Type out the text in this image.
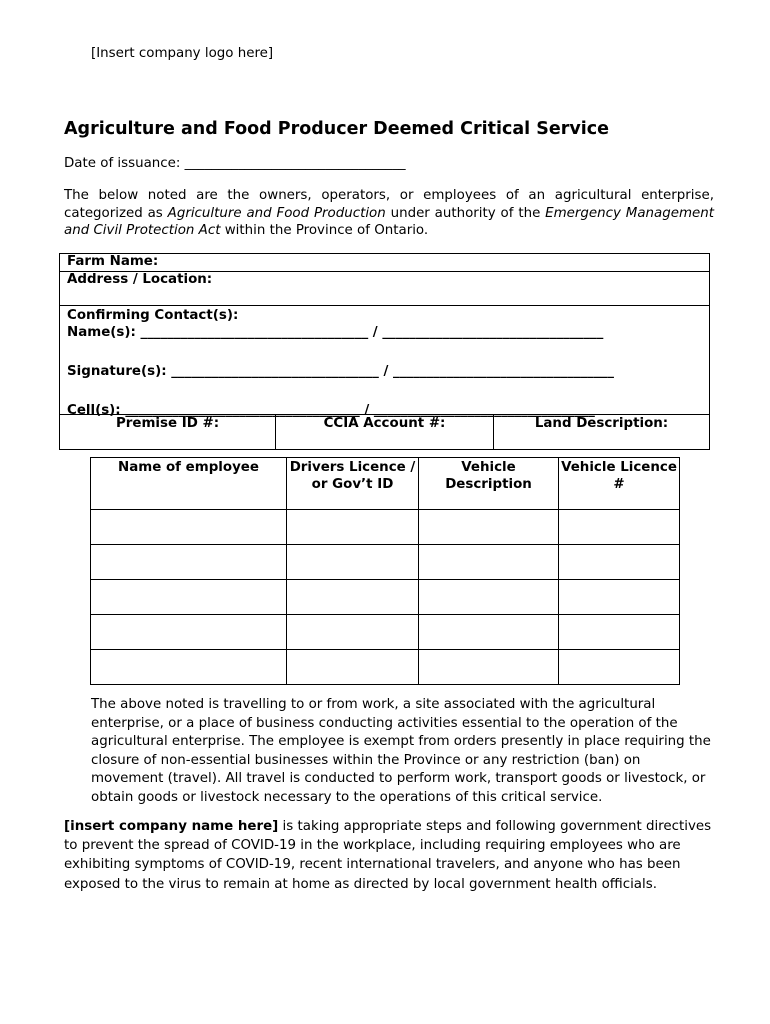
[Insert company logo here]
Agriculture and Food Producer Deemed Critical Service
Date of issuance: _________________________________

The below noted are the owners, operators, or employees of an agricultural enterprise, categorized as Agriculture and Food Production under authority of the Emergency Management and Civil Protection Act within the Province of Ontario.

Farm Name:
Address / Location:
Confirming Contact(s):
Name(s): __________________________________ / _________________________________
Signature(s): _______________________________ / _________________________________
Cell(s): ___________________________________ / _________________________________
Premise ID #:	CCIA Account #:	Land Description:
Name of employee	Drivers Licence / or Gov’t ID	Vehicle Description	Vehicle Licence #

The above noted is travelling to or from work, a site associated with the agricultural enterprise, or a place of business conducting activities essential to the operation of the agricultural enterprise. The employee is exempt from orders presently in place requiring the closure of non-essential businesses within the Province or any restriction (ban) on movement (travel). All travel is conducted to perform work, transport goods or livestock, or obtain goods or livestock necessary to the operations of this critical service.

[insert company name here] is taking appropriate steps and following government directives to prevent the spread of COVID-19 in the workplace, including requiring employees who are exhibiting symptoms of COVID-19, recent international travelers, and anyone who has been exposed to the virus to remain at home as directed by local government health officials.
